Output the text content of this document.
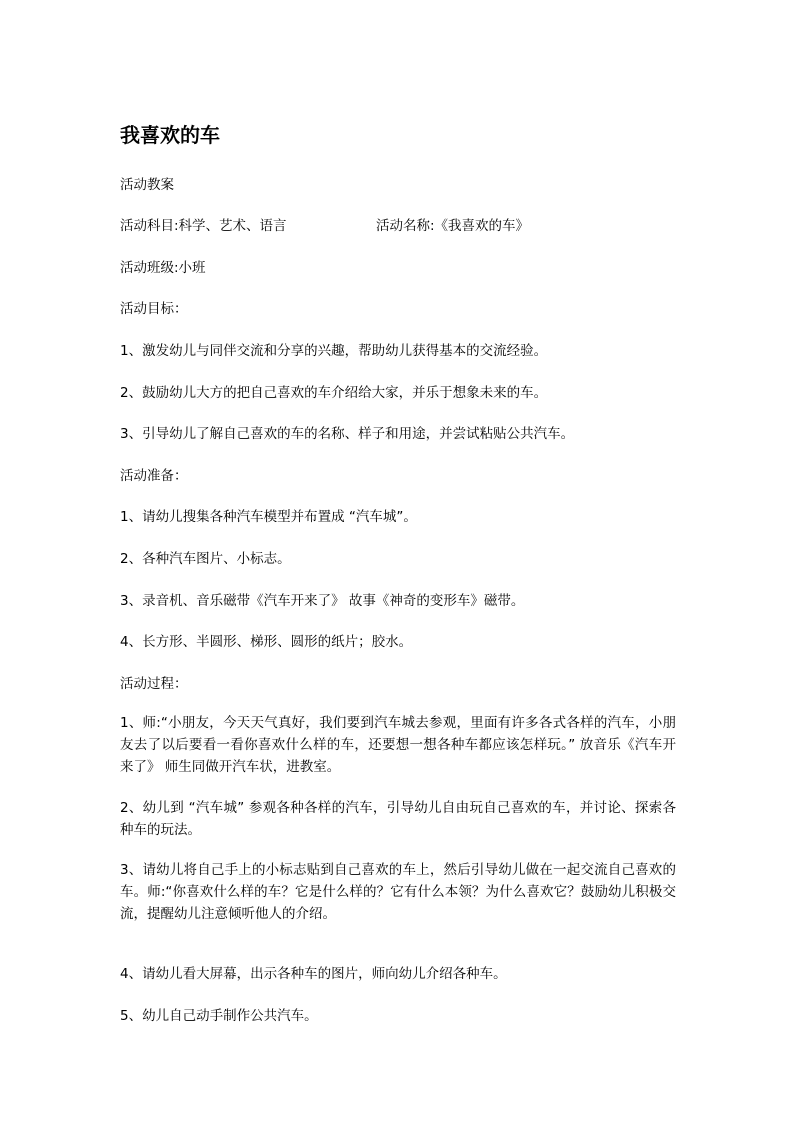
我喜欢的车

活动教案

活动科目:科学、艺术、语言	活动名称:《我喜欢的车》

活动班级:小班

活动目标：

1、激发幼儿与同伴交流和分享的兴趣，帮助幼儿获得基本的交流经验。

2、鼓励幼儿大方的把自己喜欢的车介绍给大家，并乐于想象未来的车。

3、引导幼儿了解自己喜欢的车的名称、样子和用途，并尝试粘贴公共汽车。

活动准备：

1、请幼儿搜集各种汽车模型并布置成 “汽车城”。

2、各种汽车图片、小标志。

3、录音机、音乐磁带《汽车开来了》 故事《神奇的变形车》磁带。

4、长方形、半圆形、梯形、圆形的纸片；胶水。

活动过程：

1、师:“小朋友，今天天气真好，我们要到汽车城去参观，里面有许多各式各样的汽车，小朋友去了以后要看一看你喜欢什么样的车，还要想一想各种车都应该怎样玩。” 放音乐《汽车开来了》 师生同做开汽车状，进教室。

2、幼儿到 “汽车城” 参观各种各样的汽车，引导幼儿自由玩自己喜欢的车，并讨论、探索各种车的玩法。

3、请幼儿将自己手上的小标志贴到自己喜欢的车上，然后引导幼儿做在一起交流自己喜欢的车。师:“你喜欢什么样的车？它是什么样的？它有什么本领？为什么喜欢它？鼓励幼儿积极交流，提醒幼儿注意倾听他人的介绍。

4、请幼儿看大屏幕，出示各种车的图片，师向幼儿介绍各种车。

5、幼儿自己动手制作公共汽车。
